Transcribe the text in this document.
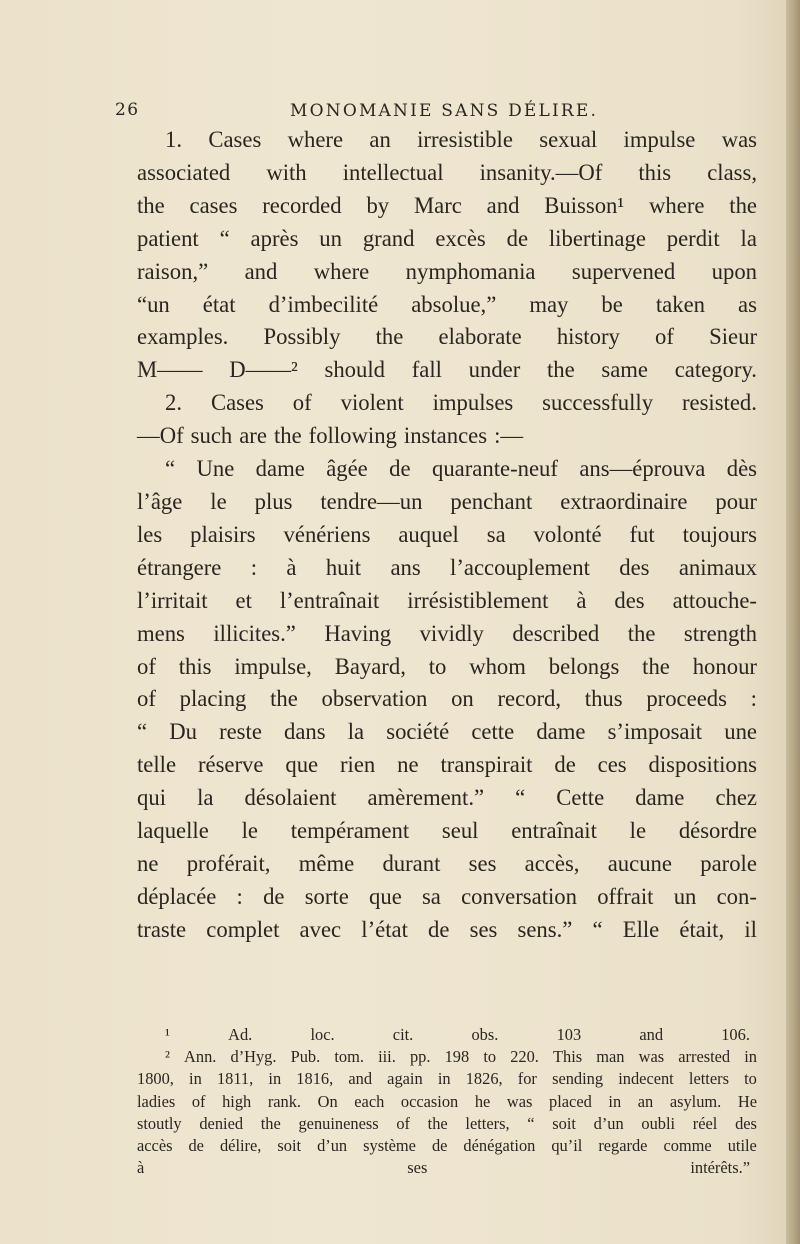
26	MONOMANIE SANS DÉLIRE.
1. Cases where an irresistible sexual impulse was
associated with intellectual insanity.—Of this class,
the cases recorded by Marc and Buisson¹ where the
patient “ après un grand excès de libertinage perdit la
raison,” and where nymphomania supervened upon
“un état d’imbecilité absolue,” may be taken as
examples. Possibly the elaborate history of Sieur
M—— D——² should fall under the same category.
2. Cases of violent impulses successfully resisted.
—Of such are the following instances :—
“ Une dame âgée de quarante-neuf ans—éprouva dès
l’âge le plus tendre—un penchant extraordinaire pour
les plaisirs vénériens auquel sa volonté fut toujours
étrangere : à huit ans l’accouplement des animaux
l’irritait et l’entraînait irrésistiblement à des attouche-
mens illicites.” Having vividly described the strength
of this impulse, Bayard, to whom belongs the honour
of placing the observation on record, thus proceeds :
“ Du reste dans la société cette dame s’imposait une
telle réserve que rien ne transpirait de ces dispositions
qui la désolaient amèrement.” “ Cette dame chez
laquelle le tempérament seul entraînait le désordre
ne proférait, même durant ses accès, aucune parole
déplacée : de sorte que sa conversation offrait un con-
traste complet avec l’état de ses sens.” “ Elle était, il
¹	Ad.	loc.	cit.	obs.	103	and	106.
² Ann. d’Hyg. Pub. tom. iii. pp. 198 to 220. This man was arrested in
1800, in 1811, in 1816, and again in 1826, for sending indecent letters to
ladies of high rank. On each occasion he was placed in an asylum. He
stoutly denied the genuineness of the letters, “ soit d’un oubli réel des
accès de délire, soit d’un système de dénégation qu’il regarde comme utile
à	ses	intérêts.”
